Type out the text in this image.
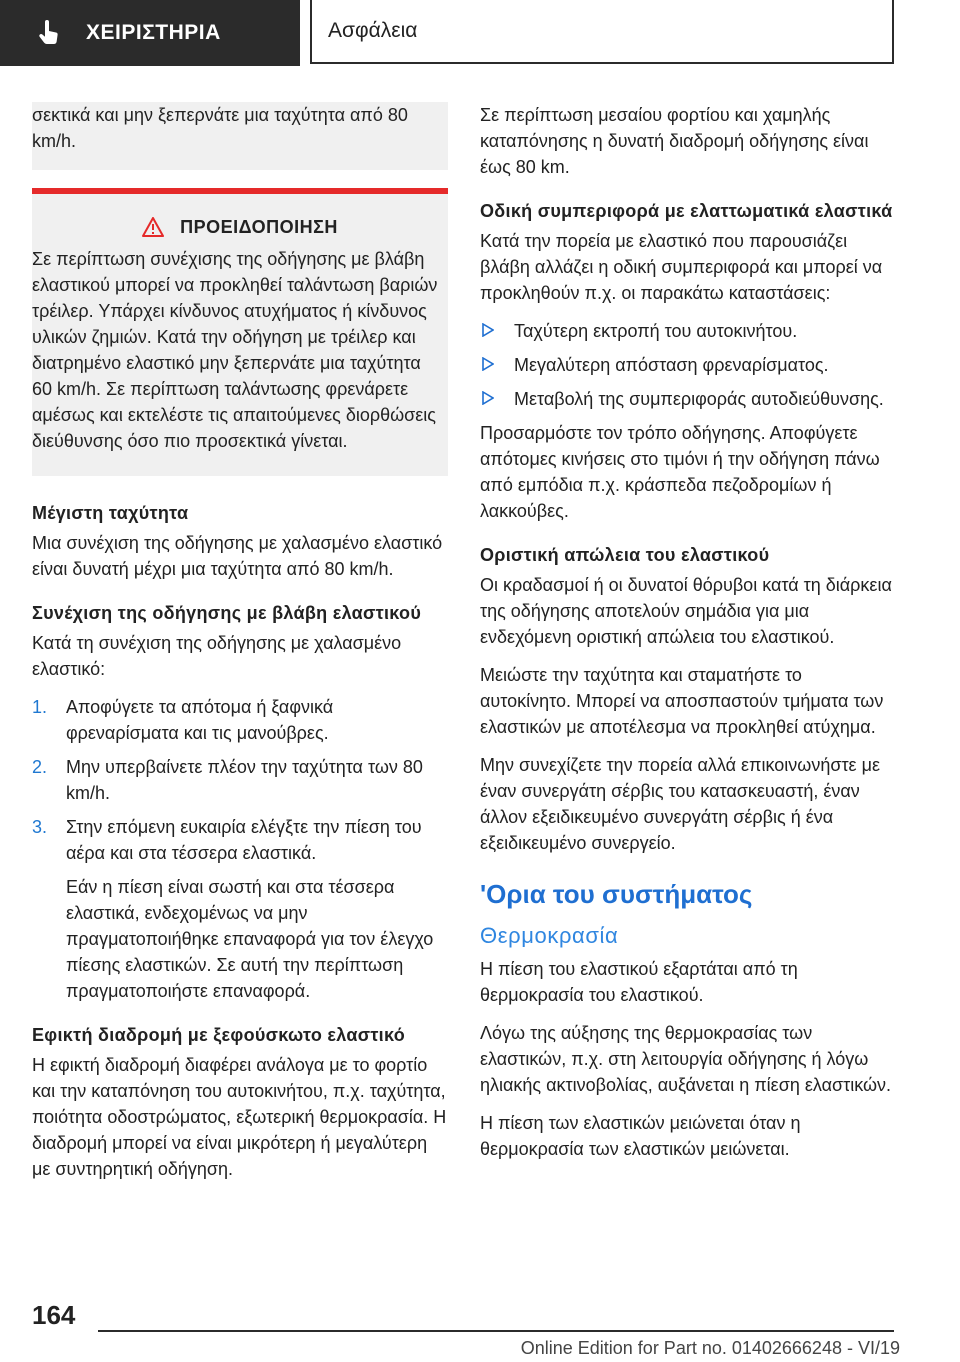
ΧΕΙΡΙΣΤΗΡΙΑ	Ασφάλεια

σεκτικά και μην ξεπερνάτε μια ταχύτητα από 80 km/h.

ΠΡΟΕΙΔΟΠΟΙΗΣΗ

Σε περίπτωση συνέχισης της οδήγησης με βλάβη ελαστικού μπορεί να προκληθεί ταλάντωση βαριών τρέιλερ. Υπάρχει κίνδυνος ατυχήματος ή κίνδυνος υλικών ζημιών. Κατά την οδήγηση με τρέιλερ και διατρημένο ελαστικό μην ξεπερνάτε μια ταχύτητα 60 km/h. Σε περίπτωση ταλάντωσης φρενάρετε αμέσως και εκτελέστε τις απαιτούμενες διορθώσεις διεύθυνσης όσο πιο προσεκτικά γίνεται.

Μέγιστη ταχύτητα

Μια συνέχιση της οδήγησης με χαλασμένο ελαστικό είναι δυνατή μέχρι μια ταχύτητα από 80 km/h.

Συνέχιση της οδήγησης με βλάβη ελαστικού

Κατά τη συνέχιση της οδήγησης με χαλασμένο ελαστικό:

1. Αποφύγετε τα απότομα ή ξαφνικά φρεναρίσματα και τις μανούβρες.
2. Μην υπερβαίνετε πλέον την ταχύτητα των 80 km/h.
3. Στην επόμενη ευκαιρία ελέγξτε την πίεση του αέρα και στα τέσσερα ελαστικά.

Εάν η πίεση είναι σωστή και στα τέσσερα ελαστικά, ενδεχομένως να μην πραγματοποιήθηκε επαναφορά για τον έλεγχο πίεσης ελαστικών. Σε αυτή την περίπτωση πραγματοποιήστε επαναφορά.

Εφικτή διαδρομή με ξεφούσκωτο ελαστικό

Η εφικτή διαδρομή διαφέρει ανάλογα με το φορτίο και την καταπόνηση του αυτοκινήτου, π.χ. ταχύτητα, ποιότητα οδοστρώματος, εξωτερική θερμοκρασία. Η διαδρομή μπορεί να είναι μικρότερη ή μεγαλύτερη με συντηρητική οδήγηση.

Σε περίπτωση μεσαίου φορτίου και χαμηλής καταπόνησης η δυνατή διαδρομή οδήγησης είναι έως 80 km.

Οδική συμπεριφορά με ελαττωματικά ελαστικά

Κατά την πορεία με ελαστικό που παρουσιάζει βλάβη αλλάζει η οδική συμπεριφορά και μπορεί να προκληθούν π.χ. οι παρακάτω καταστάσεις:

Ταχύτερη εκτροπή του αυτοκινήτου.
Μεγαλύτερη απόσταση φρεναρίσματος.
Μεταβολή της συμπεριφοράς αυτοδιεύθυνσης.

Προσαρμόστε τον τρόπο οδήγησης. Αποφύγετε απότομες κινήσεις στο τιμόνι ή την οδήγηση πάνω από εμπόδια π.χ. κράσπεδα πεζοδρομίων ή λακκούβες.

Οριστική απώλεια του ελαστικού

Οι κραδασμοί ή οι δυνατοί θόρυβοι κατά τη διάρκεια της οδήγησης αποτελούν σημάδια για μια ενδεχόμενη οριστική απώλεια του ελαστικού.

Μειώστε την ταχύτητα και σταματήστε το αυτοκίνητο. Μπορεί να αποσπαστούν τμήματα των ελαστικών με αποτέλεσμα να προκληθεί ατύχημα.

Μην συνεχίζετε την πορεία αλλά επικοινωνήστε με έναν συνεργάτη σέρβις του κατασκευαστή, έναν άλλον εξειδικευμένο συνεργάτη σέρβις ή ένα εξειδικευμένο συνεργείο.

'Ορια του συστήματος
Θερμοκρασία

Η πίεση του ελαστικού εξαρτάται από τη θερμοκρασία του ελαστικού.

Λόγω της αύξησης της θερμοκρασίας των ελαστικών, π.χ. στη λειτουργία οδήγησης ή λόγω ηλιακής ακτινοβολίας, αυξάνεται η πίεση ελαστικών.

Η πίεση των ελαστικών μειώνεται όταν η θερμοκρασία των ελαστικών μειώνεται.

164
Online Edition for Part no. 01402666248 - VI/19
